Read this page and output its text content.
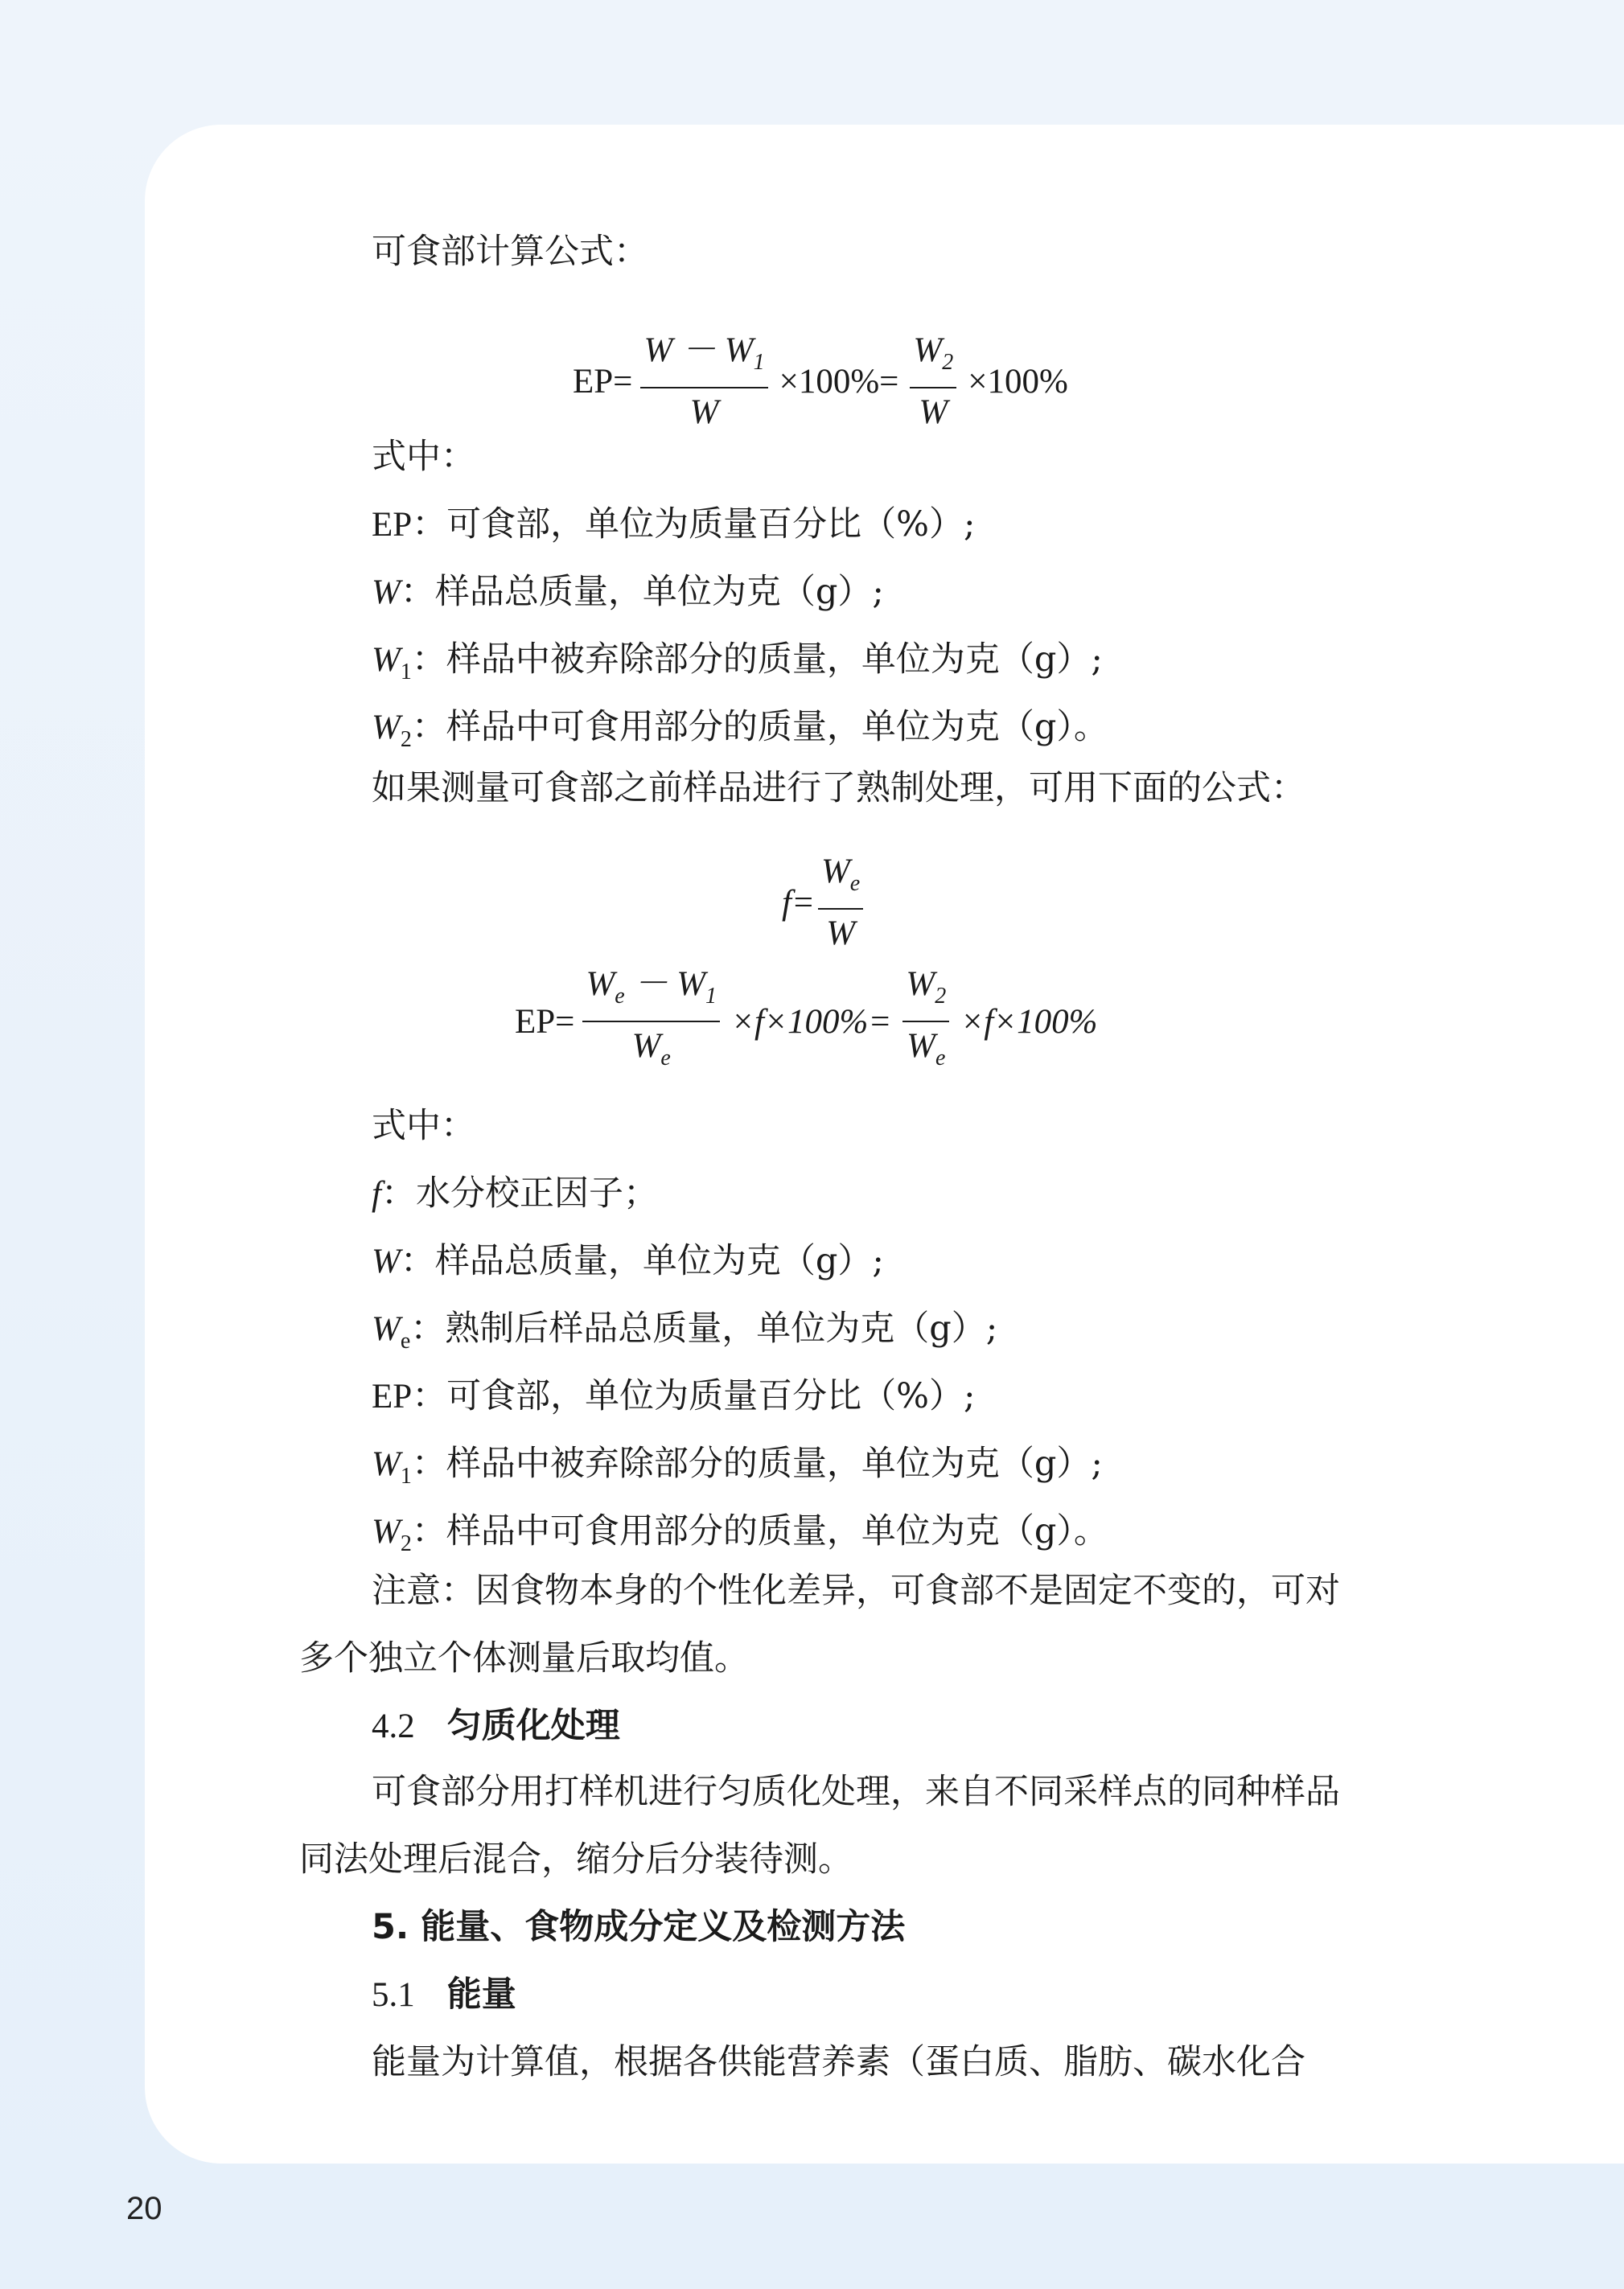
可食部计算公式：
$EP= \frac{W - W_1}{W} \times 100\%= \frac{W_2}{W} \times 100\%$
式中：
EP：可食部，单位为质量百分比（%）;
W：样品总质量，单位为克（g）;
$W_1$：样品中被弃除部分的质量，单位为克（g）;
$W_2$：样品中可食用部分的质量，单位为克（g）。
如果测量可食部之前样品进行了熟制处理，可用下面的公式：
$f= \frac{W_e}{W}$
$EP= \frac{W_e - W_1}{W_e} \times f\times 100\%= \frac{W_2}{W_e} \times f\times 100\%$
式中：
f：水分校正因子；
W：样品总质量，单位为克（g）;
$W_e$：熟制后样品总质量，单位为克（g）;
EP：可食部，单位为质量百分比（%）;
$W_1$：样品中被弃除部分的质量，单位为克（g）;
$W_2$：样品中可食用部分的质量，单位为克（g）。
注意：因食物本身的个性化差异，可食部不是固定不变的，可对
多个独立个体测量后取均值。
4.2 匀质化处理
可食部分用打样机进行匀质化处理，来自不同采样点的同种样品
同法处理后混合，缩分后分装待测。
5. 能量、食物成分定义及检测方法
5.1 能量
能量为计算值，根据各供能营养素（蛋白质、脂肪、碳水化合
20
